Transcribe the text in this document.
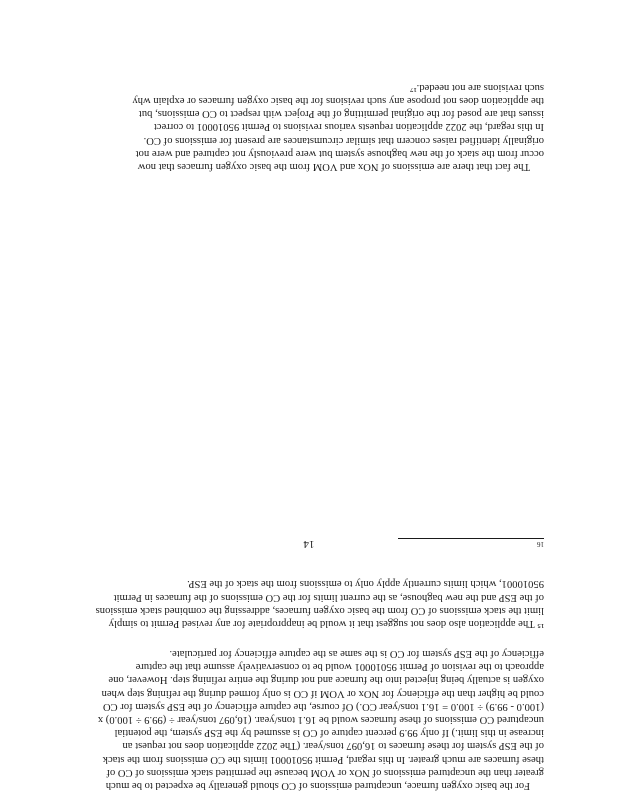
For the basic oxygen furnace, uncaptured emissions of CO should generally be expected to be much
greater than the uncaptured emissions of NOx or VOM because the permitted stack emissions of CO of
these furnaces are much greater. In this regard, Permit 95010001 limits the CO emissions from the stack
of the ESP system for these furnaces to 16,097 tons/year. (The 2022 application does not request an
increase in this limit.) If only 99.9 percent capture of CO is assumed by the ESP system, the potential
uncaptured CO emissions of these furnaces would be 16.1 tons/year. (16,097 tons/year ÷ (99.9 ÷ 100.0) x
(100.0 - 99.9) ÷ 100.0 = 16.1 tons/year CO.) Of course, the capture efficiency of the ESP system for CO
could be higher than the efficiency for NOx or VOM if CO is only formed during the refining step when
oxygen is actually being injected into the furnace and not during the entire refining step. However, one
approach to the revision of Permit 95010001 would be to conservatively assume that the capture
efficiency of the ESP system for CO is the same as the capture efficiency for particulate.
¹⁵ The application also does not suggest that it would be inappropriate for any revised Permit to simply
limit the stack emissions of CO from the basic oxygen furnaces, addressing the combined stack emissions
of the ESP and the new baghouse, as the current limits for the CO emissions of the furnaces in Permit
95010001, which limits currently apply only to emissions from the stack of the ESP.
14	16
The fact that there are emissions of NOx and VOM from the basic oxygen furnaces that now
occur from the stack of the new baghouse system but were previously not captured and were not
originally identified raises concern that similar circumstances are present for emissions of CO.
In this regard, the 2022 application requests various revisions to Permit 95010001 to correct
issues that are posed for the original permitting of the Project with respect to CO emissions, but
the application does not propose any such revisions for the basic oxygen furnaces or explain why
such revisions are not needed.¹⁷
